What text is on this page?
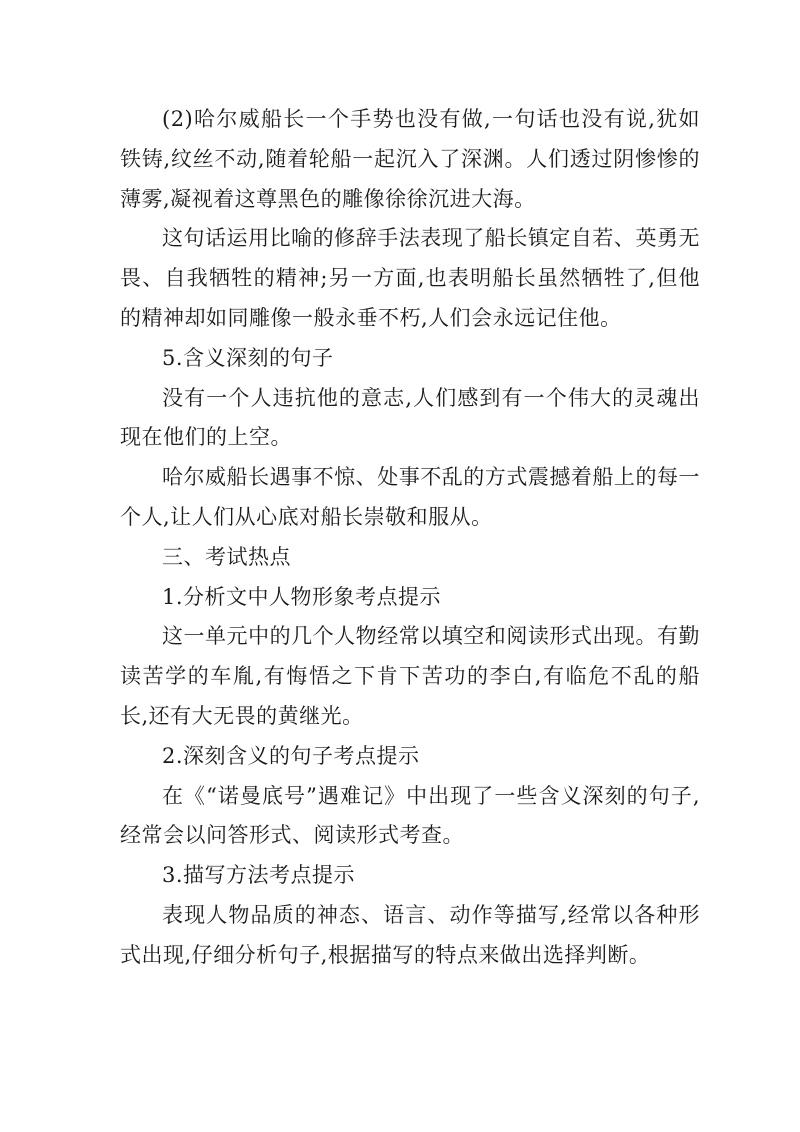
(2)哈尔威船长一个手势也没有做,一句话也没有说,犹如铁铸,纹丝不动,随着轮船一起沉入了深渊。人们透过阴惨惨的薄雾,凝视着这尊黑色的雕像徐徐沉进大海。

这句话运用比喻的修辞手法表现了船长镇定自若、英勇无畏、自我牺牲的精神;另一方面,也表明船长虽然牺牲了,但他的精神却如同雕像一般永垂不朽,人们会永远记住他。

5.含义深刻的句子

没有一个人违抗他的意志,人们感到有一个伟大的灵魂出现在他们的上空。

哈尔威船长遇事不惊、处事不乱的方式震撼着船上的每一个人,让人们从心底对船长崇敬和服从。

三、考试热点

1.分析文中人物形象考点提示

这一单元中的几个人物经常以填空和阅读形式出现。有勤读苦学的车胤,有悔悟之下肯下苦功的李白,有临危不乱的船长,还有大无畏的黄继光。

2.深刻含义的句子考点提示

在《“诺曼底号”遇难记》中出现了一些含义深刻的句子,经常会以问答形式、阅读形式考查。

3.描写方法考点提示

表现人物品质的神态、语言、动作等描写,经常以各种形式出现,仔细分析句子,根据描写的特点来做出选择判断。
